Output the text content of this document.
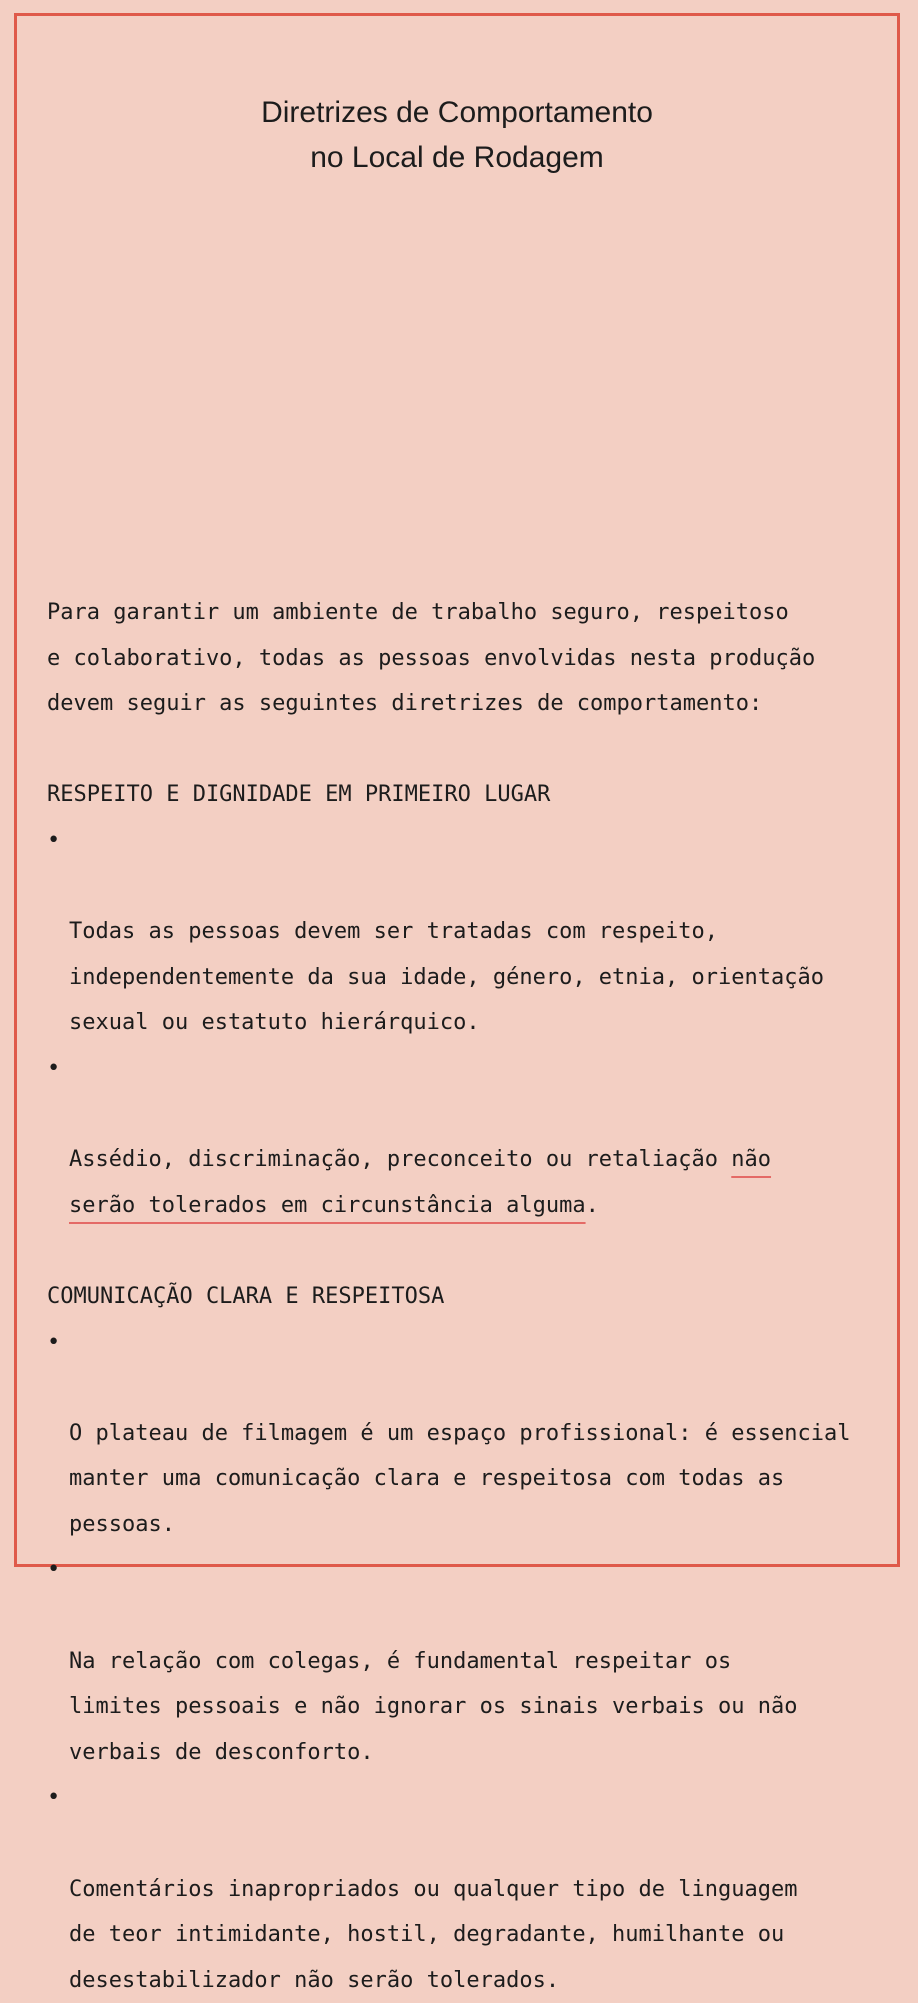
Diretrizes de Comportamento
no Local de Rodagem

Para garantir um ambiente de trabalho seguro, respeitoso
e colaborativo, todas as pessoas envolvidas nesta produção
devem seguir as seguintes diretrizes de comportamento:

RESPEITO E DIGNIDADE EM PRIMEIRO LUGAR

•

Todas as pessoas devem ser tratadas com respeito,
independentemente da sua idade, género, etnia, orientação
sexual ou estatuto hierárquico.

•

Assédio, discriminação, preconceito ou retaliação não
serão tolerados em circunstância alguma.

COMUNICAÇÃO CLARA E RESPEITOSA

•

O plateau de filmagem é um espaço profissional: é essencial
manter uma comunicação clara e respeitosa com todas as
pessoas.

•

Na relação com colegas, é fundamental respeitar os
limites pessoais e não ignorar os sinais verbais ou não
verbais de desconforto.

•

Comentários inapropriados ou qualquer tipo de linguagem
de teor intimidante, hostil, degradante, humilhante ou
desestabilizador não serão tolerados.
